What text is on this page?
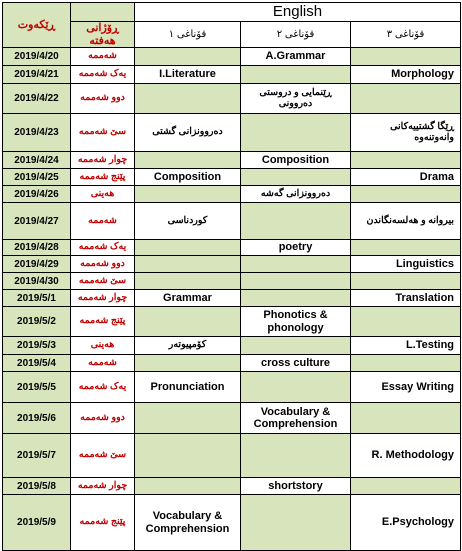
ڕێکەوت		English		
	ڕۆژانی هەفتە	قۆناغی ١	قۆناغی ٢	قۆناغی ٣
2019/4/20	شەممە		A.Grammar	
2019/4/21	یەک شەممە	I.Literature		Morphology
2019/4/22	دوو شەممە		ڕێنمایی و دروستی دەروونی	
2019/4/23	سێ شەممە	دەروونزانی گشتی		ڕێگا گشتییەکانی وانەوتنەوە
2019/4/24	چوار شەممە		Composition	
2019/4/25	پێنج شەممە	Composition		Drama
2019/4/26	هەینی		دەروونزانی گەشە	
2019/4/27	شەممە	کوردناسی		بیروانە و هەلسەنگاندن
2019/4/28	یەک شەممە		poetry	
2019/4/29	دوو شەممە			Linguistics
2019/4/30	سێ شەممە			
2019/5/1	چوار شەممە	Grammar		Translation
2019/5/2	پێنج شەممە		Phonotics & phonology	
2019/5/3	هەینی	کۆمپیوتەر		L.Testing
2019/5/4	شەممە		cross culture	
2019/5/5	یەک شەممە	Pronunciation		Essay Writing
2019/5/6	دوو شەممە		Vocabulary & Comprehension	
2019/5/7	سێ شەممە			R. Methodology
2019/5/8	چوار شەممە		shortstory	
2019/5/9	پێنج شەممە	Vocabulary & Comprehension		E.Psychology
